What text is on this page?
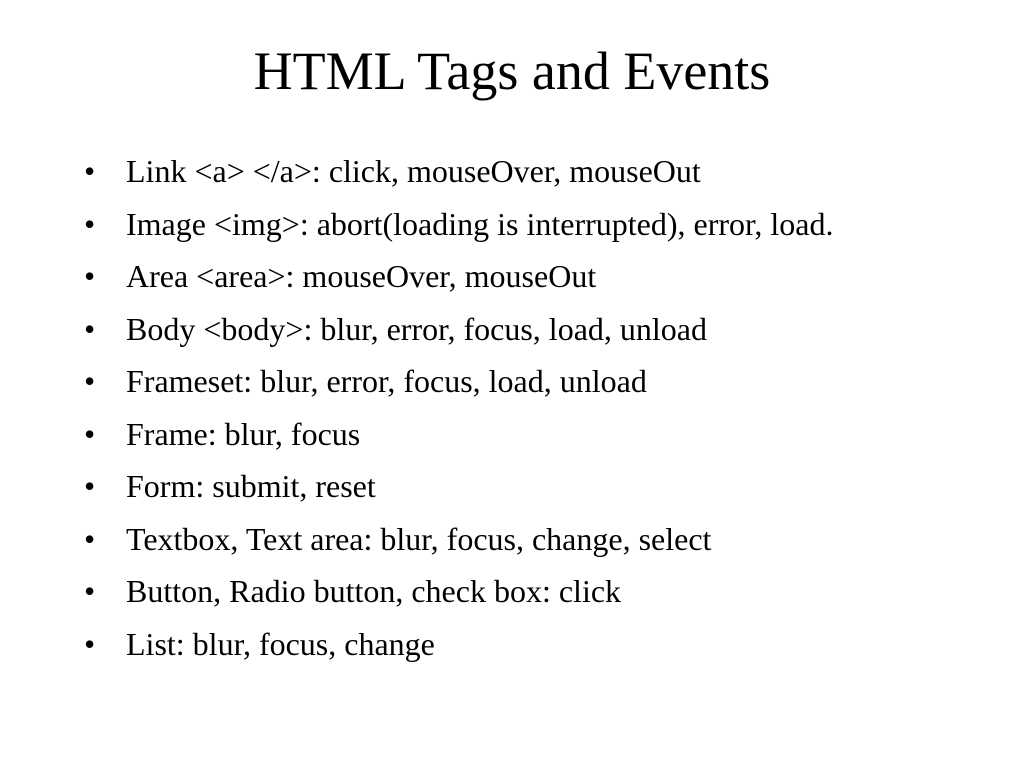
HTML Tags and Events
• Link <a> </a>: click, mouseOver, mouseOut
• Image <img>: abort(loading is interrupted), error, load.
• Area <area>: mouseOver, mouseOut
• Body <body>: blur, error, focus, load, unload
• Frameset: blur, error, focus, load, unload
• Frame: blur, focus
• Form: submit, reset
• Textbox, Text area: blur, focus, change, select
• Button, Radio button, check box: click
• List: blur, focus, change
